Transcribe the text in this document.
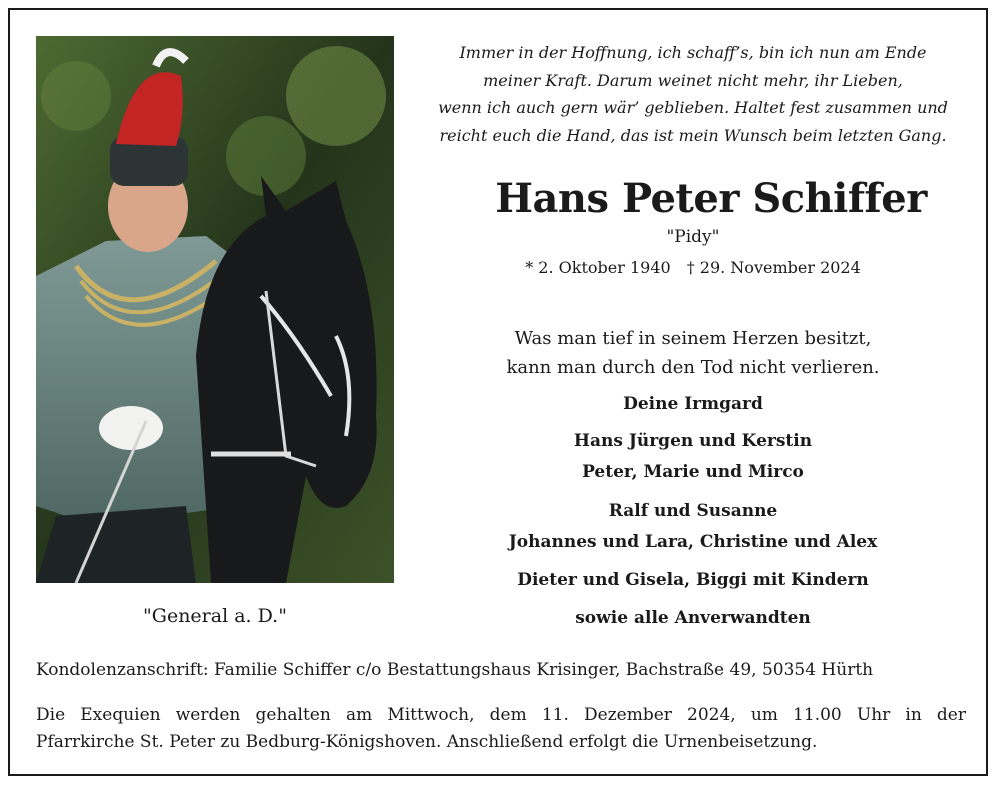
"General a. D."
Immer in der Hoffnung, ich schaff’s, bin ich nun am Ende
meiner Kraft. Darum weinet nicht mehr, ihr Lieben,
wenn ich auch gern wär’ geblieben. Haltet fest zusammen und
reicht euch die Hand, das ist mein Wunsch beim letzten Gang.
Hans Peter Schiffer
"Pidy"
* 2. Oktober 1940 † 29. November 2024
Was man tief in seinem Herzen besitzt,
kann man durch den Tod nicht verlieren.
Deine Irmgard
Hans Jürgen und Kerstin
Peter, Marie und Mirco
Ralf und Susanne
Johannes und Lara, Christine und Alex
Dieter und Gisela, Biggi mit Kindern
sowie alle Anverwandten
Kondolenzanschrift: Familie Schiffer c/o Bestattungshaus Krisinger, Bachstraße 49, 50354 Hürth
Die Exequien werden gehalten am Mittwoch, dem 11. Dezember 2024, um 11.00 Uhr in der
Pfarrkirche St. Peter zu Bedburg-Königshoven. Anschließend erfolgt die Urnenbeisetzung.
